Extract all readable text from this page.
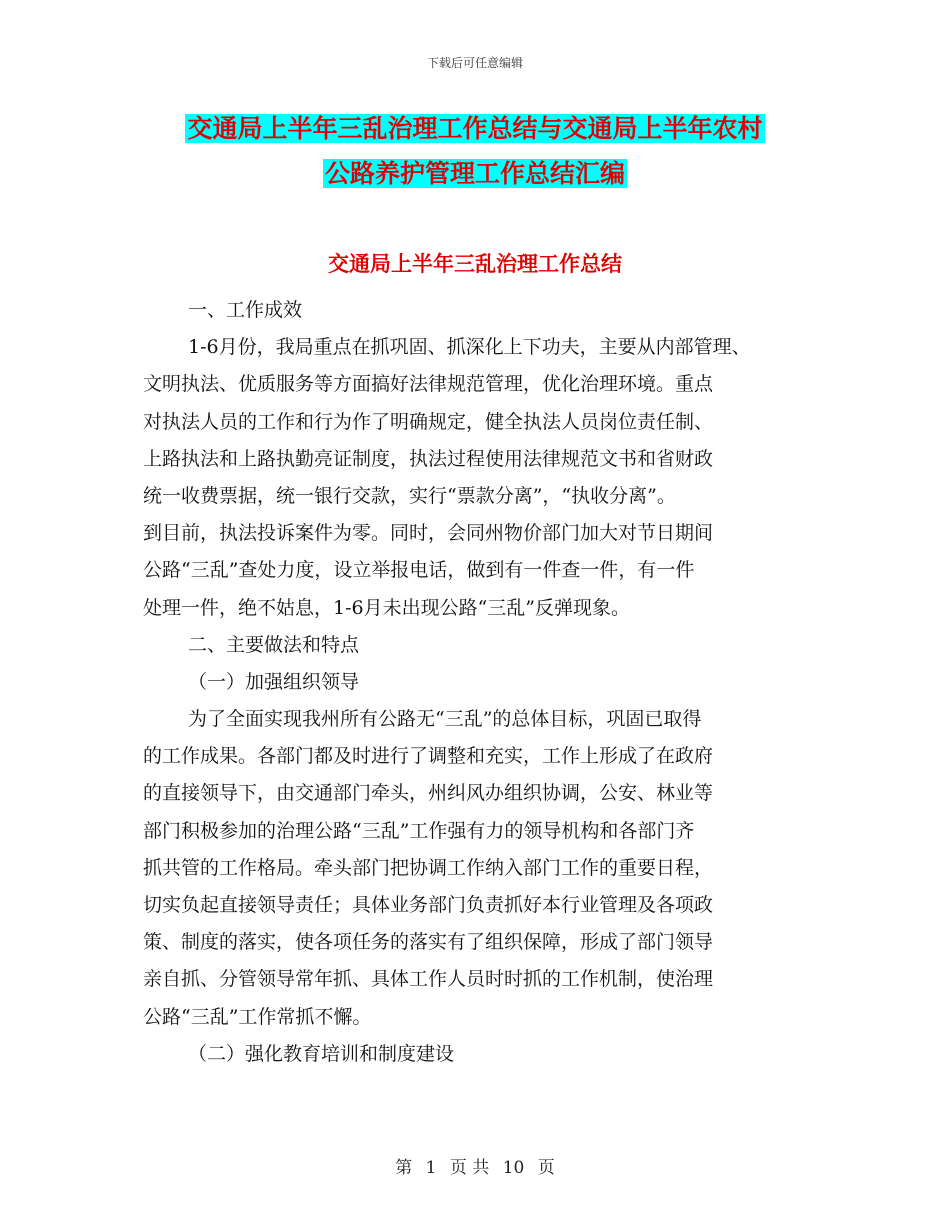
下载后可任意编辑
交通局上半年三乱治理工作总结与交通局上半年农村
公路养护管理工作总结汇编
交通局上半年三乱治理工作总结
一、工作成效
1-6月份，我局重点在抓巩固、抓深化上下功夫，主要从内部管理、
文明执法、优质服务等方面搞好法律规范管理，优化治理环境。重点
对执法人员的工作和行为作了明确规定，健全执法人员岗位责任制、
上路执法和上路执勤亮证制度，执法过程使用法律规范文书和省财政
统一收费票据，统一银行交款，实行“票款分离”，“执收分离”。
到目前，执法投诉案件为零。同时，会同州物价部门加大对节日期间
公路“三乱”查处力度，设立举报电话，做到有一件查一件，有一件
处理一件，绝不姑息，1-6月未出现公路“三乱”反弹现象。
二、主要做法和特点
（一）加强组织领导
为了全面实现我州所有公路无“三乱”的总体目标，巩固已取得
的工作成果。各部门都及时进行了调整和充实，工作上形成了在政府
的直接领导下，由交通部门牵头，州纠风办组织协调，公安、林业等
部门积极参加的治理公路“三乱”工作强有力的领导机构和各部门齐
抓共管的工作格局。牵头部门把协调工作纳入部门工作的重要日程，
切实负起直接领导责任；具体业务部门负责抓好本行业管理及各项政
策、制度的落实，使各项任务的落实有了组织保障，形成了部门领导
亲自抓、分管领导常年抓、具体工作人员时时抓的工作机制，使治理
公路“三乱”工作常抓不懈。
（二）强化教育培训和制度建设
第 1 页 共 10 页
